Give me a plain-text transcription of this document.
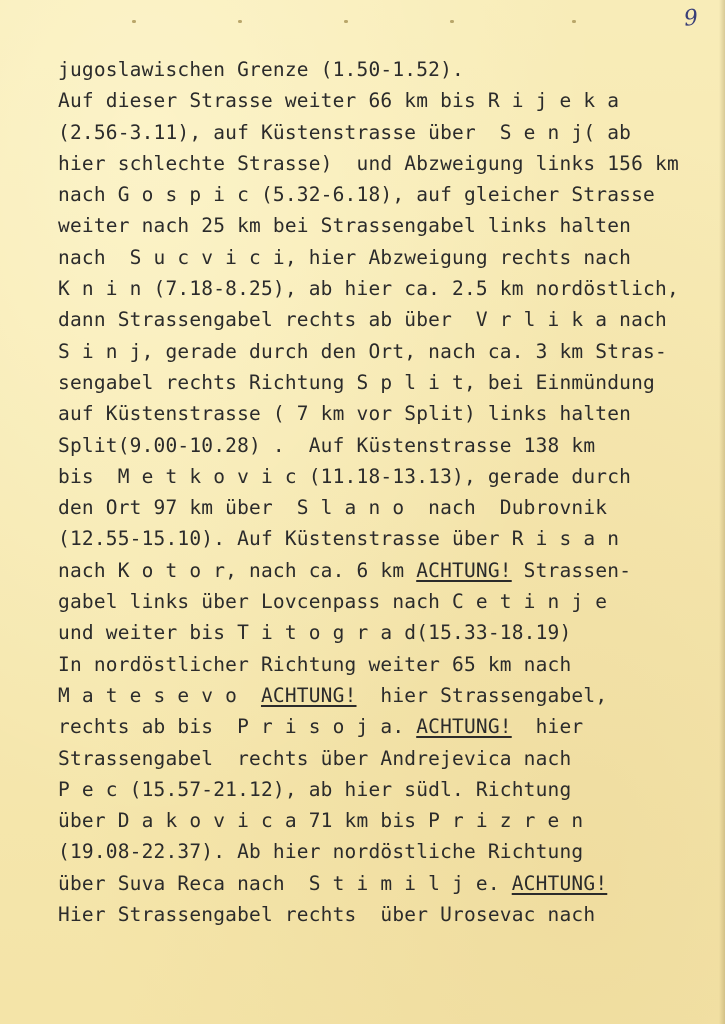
9
jugoslawischen Grenze (1.50-1.52).
Auf dieser Strasse weiter 66 km bis R i j e k a
(2.56-3.11), auf Küstenstrasse über  S e n j( ab
hier schlechte Strasse)  und Abzweigung links 156 km
nach G o s p i c (5.32-6.18), auf gleicher Strasse
weiter nach 25 km bei Strassengabel links halten
nach  S u c v i c i, hier Abzweigung rechts nach
K n i n (7.18-8.25), ab hier ca. 2.5 km nordöstlich,
dann Strassengabel rechts ab über  V r l i k a nach
S i n j, gerade durch den Ort, nach ca. 3 km Stras-
sengabel rechts Richtung S p l i t, bei Einmündung
auf Küstenstrasse ( 7 km vor Split) links halten
Split(9.00-10.28) .  Auf Küstenstrasse 138 km
bis  M e t k o v i c (11.18-13.13), gerade durch
den Ort 97 km über  S l a n o  nach  Dubrovnik
(12.55-15.10). Auf Küstenstrasse über R i s a n
nach K o t o r, nach ca. 6 km ACHTUNG! Strassen-
gabel links über Lovcenpass nach C e t i n j e
und weiter bis T i t o g r a d(15.33-18.19)
In nordöstlicher Richtung weiter 65 km nach
M a t e s e v o  ACHTUNG!  hier Strassengabel,
rechts ab bis  P r i s o j a. ACHTUNG!  hier
Strassengabel  rechts über Andrejevica nach
P e c (15.57-21.12), ab hier südl. Richtung
über D a k o v i c a 71 km bis P r i z r e n
(19.08-22.37). Ab hier nordöstliche Richtung
über Suva Reca nach  S t i m i l j e. ACHTUNG!
Hier Strassengabel rechts  über Urosevac nach
